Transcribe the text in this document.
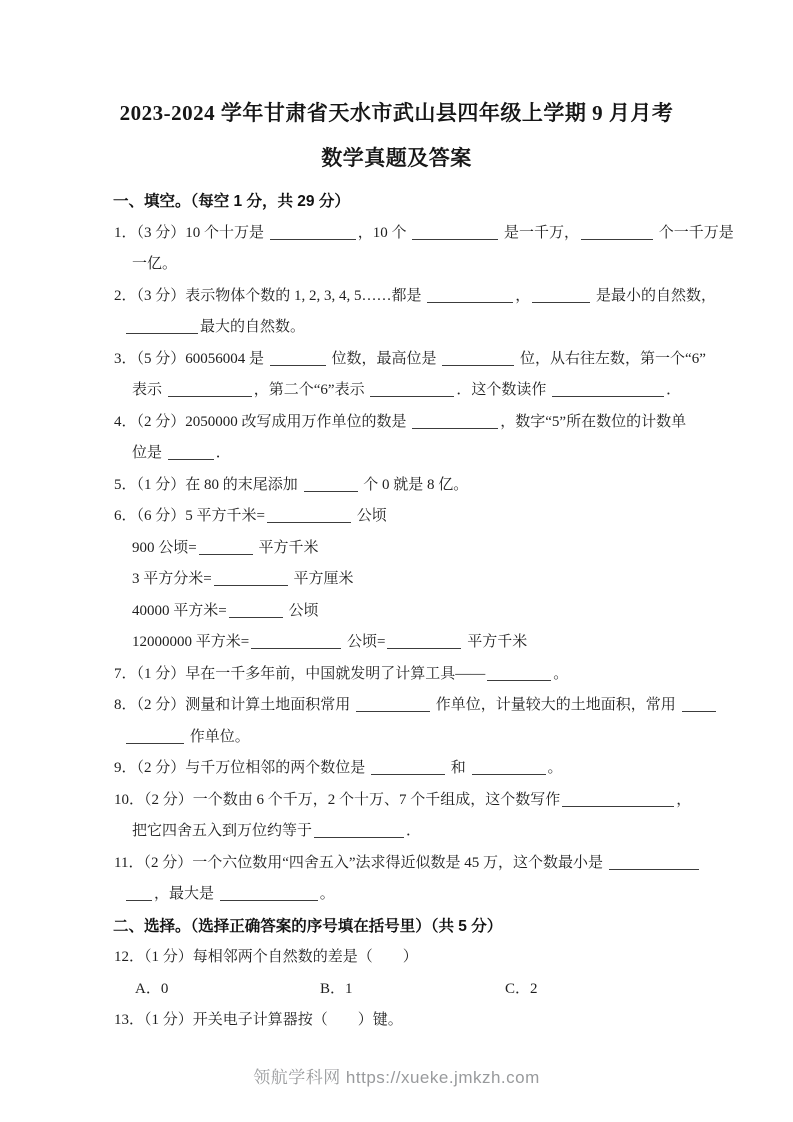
2023-2024 学年甘肃省天水市武山县四年级上学期 9 月月考
数学真题及答案
一、填空。（每空 1 分，共 29 分）
1．（3 分）10 个十万是	，10 个	是一千万，	个一千万是
一亿。
2．（3 分）表示物体个数的 1, 2, 3, 4, 5……都是	，	是最小的自然数，
最大的自然数。
3．（5 分）60056004 是	位数，最高位是	位，从右往左数，第一个“6”
表示	，第二个“6”表示	．这个数读作	．
4．（2 分）2050000 改写成用万作单位的数是	，数字“5”所在数位的计数单
位是	．
5．（1 分）在 80 的末尾添加	个 0 就是 8 亿。
6．（6 分）5 平方千米=	公顷
900 公顷=	平方千米
3 平方分米=	平方厘米
40000 平方米=	公顷
12000000 平方米=	公顷=	平方千米
7．（1 分）早在一千多年前，中国就发明了计算工具——	。
8．（2 分）测量和计算土地面积常用	作单位，计量较大的土地面积，常用
作单位。
9．（2 分）与千万位相邻的两个数位是	和	。
10．（2 分）一个数由 6 个千万，2 个十万、7 个千组成，这个数写作	，
把它四舍五入到万位约等于	．
11．（2 分）一个六位数用“四舍五入”法求得近似数是 45 万，这个数最小是
，最大是	。
二、选择。（选择正确答案的序号填在括号里）（共 5 分）
12．（1 分）每相邻两个自然数的差是（　　）
A．0	B．1	C．2
13．（1 分）开关电子计算器按（　　）键。
领航学科网 https://xueke.jmkzh.com
